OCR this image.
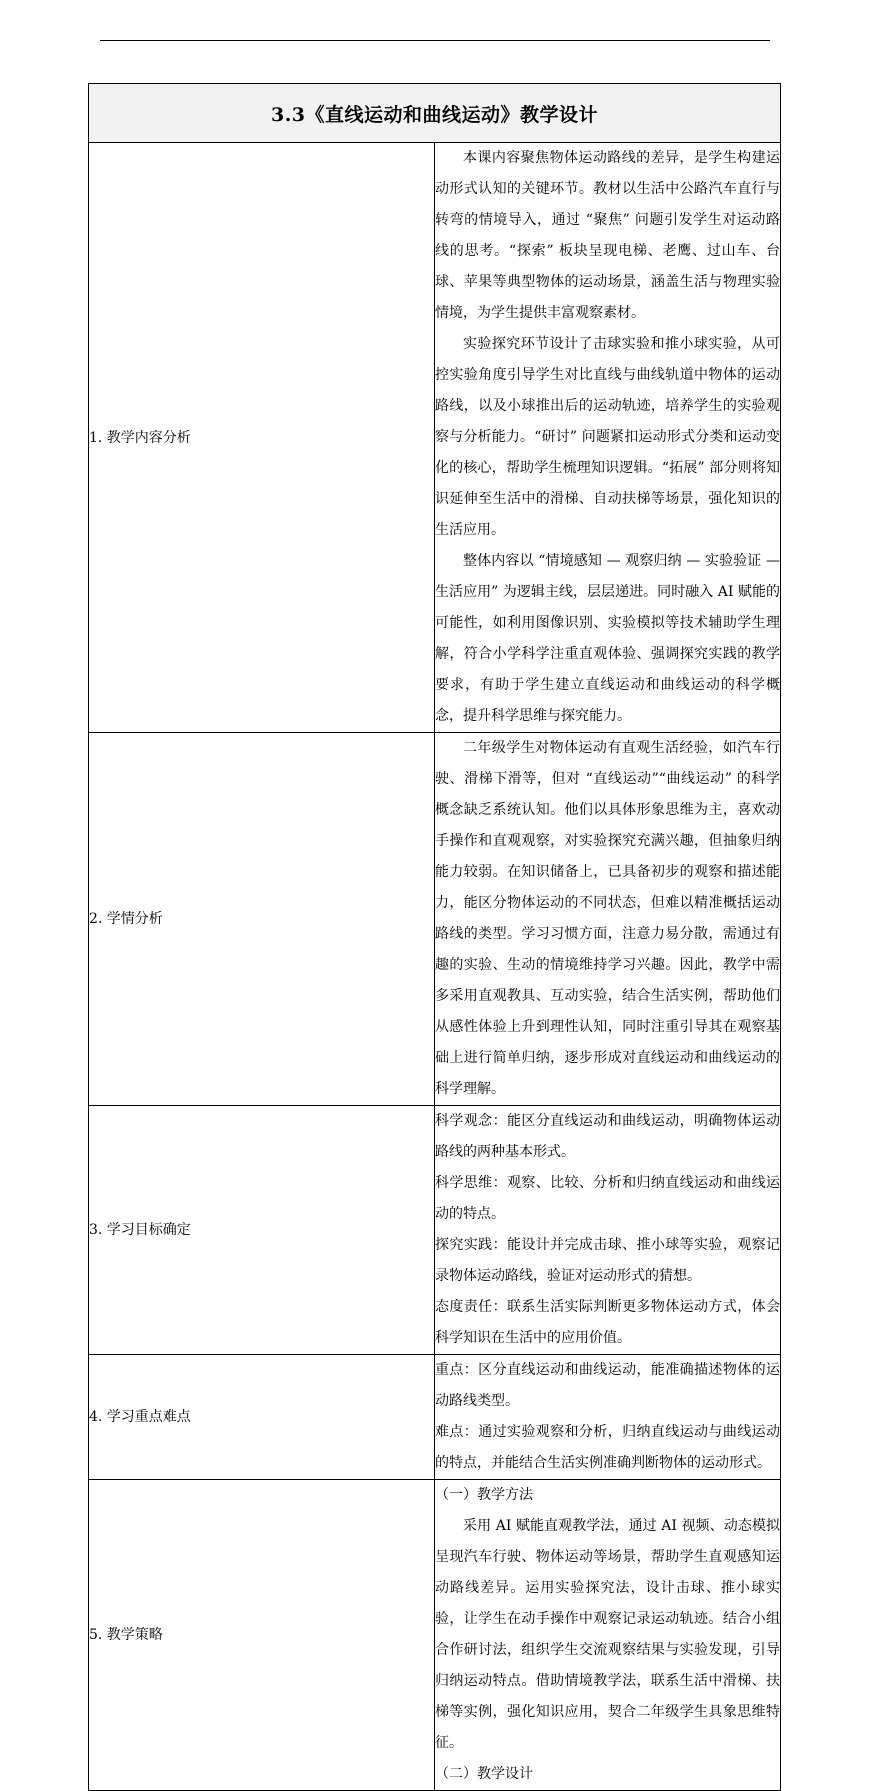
3.3《直线运动和曲线运动》教学设计	
1. 教学内容分析	本课内容聚焦物体运动路线的差异，是学生构建运动形式认知的关键环节。教材以生活中公路汽车直行与转弯的情境导入，通过 “聚焦” 问题引发学生对运动路线的思考。“探索” 板块呈现电梯、老鹰、过山车、台球、苹果等典型物体的运动场景，涵盖生活与物理实验情境，为学生提供丰富观察素材。

实验探究环节设计了击球实验和推小球实验，从可控实验角度引导学生对比直线与曲线轨道中物体的运动路线，以及小球推出后的运动轨迹，培养学生的实验观察与分析能力。“研讨” 问题紧扣运动形式分类和运动变化的核心，帮助学生梳理知识逻辑。“拓展” 部分则将知识延伸至生活中的滑梯、自动扶梯等场景，强化知识的生活应用。

整体内容以 “情境感知 — 观察归纳 — 实验验证 — 生活应用” 为逻辑主线，层层递进。同时融入 AI 赋能的可能性，如利用图像识别、实验模拟等技术辅助学生理解，符合小学科学注重直观体验、强调探究实践的教学要求，有助于学生建立直线运动和曲线运动的科学概念，提升科学思维与探究能力。

2. 学情分析	二年级学生对物体运动有直观生活经验，如汽车行驶、滑梯下滑等，但对 “直线运动”“曲线运动” 的科学概念缺乏系统认知。他们以具体形象思维为主，喜欢动手操作和直观观察，对实验探究充满兴趣，但抽象归纳能力较弱。在知识储备上，已具备初步的观察和描述能力，能区分物体运动的不同状态，但难以精准概括运动路线的类型。学习习惯方面，注意力易分散，需通过有趣的实验、生动的情境维持学习兴趣。因此，教学中需多采用直观教具、互动实验，结合生活实例，帮助他们从感性体验上升到理性认知，同时注重引导其在观察基础上进行简单归纳，逐步形成对直线运动和曲线运动的科学理解。

3. 学习目标确定	科学观念：能区分直线运动和曲线运动，明确物体运动路线的两种基本形式。

科学思维：观察、比较、分析和归纳直线运动和曲线运动的特点。

探究实践：能设计并完成击球、推小球等实验，观察记录物体运动路线，验证对运动形式的猜想。

态度责任：联系生活实际判断更多物体运动方式，体会科学知识在生活中的应用价值。

4. 学习重点难点	重点：区分直线运动和曲线运动，能准确描述物体的运动路线类型。

难点：通过实验观察和分析，归纳直线运动与曲线运动的特点，并能结合生活实例准确判断物体的运动形式。

5. 教学策略	（一）教学方法

采用 AI 赋能直观教学法，通过 AI 视频、动态模拟呈现汽车行驶、物体运动等场景，帮助学生直观感知运动路线差异。运用实验探究法，设计击球、推小球实验，让学生在动手操作中观察记录运动轨迹。结合小组合作研讨法，组织学生交流观察结果与实验发现，引导归纳运动特点。借助情境教学法，联系生活中滑梯、扶梯等实例，强化知识应用，契合二年级学生具象思维特征。

（二）教学设计
